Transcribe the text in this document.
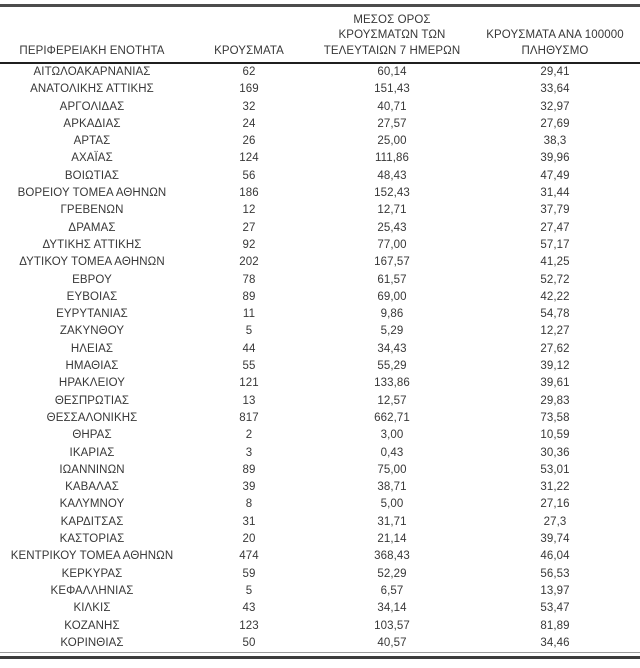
ΠΕΡΙΦΕΡΕΙΑΚΗ ΕΝΟΤΗΤΑ	ΚΡΟΥΣΜΑΤΑ	ΜΕΣΟΣ ΟΡΟΣ
ΚΡΟΥΣΜΑΤΩΝ ΤΩΝ
ΤΕΛΕΥΤΑΙΩΝ 7 ΗΜΕΡΩΝ	ΚΡΟΥΣΜΑΤΑ ΑΝΑ 100000
ΠΛΗΘΥΣΜΟ
ΑΙΤΩΛΟΑΚΑΡΝΑΝΙΑΣ	62	60,14	29,41
ΑΝΑΤΟΛΙΚΗΣ ΑΤΤΙΚΗΣ	169	151,43	33,64
ΑΡΓΟΛΙΔΑΣ	32	40,71	32,97
ΑΡΚΑΔΙΑΣ	24	27,57	27,69
ΑΡΤΑΣ	26	25,00	38,3
ΑΧΑΪΑΣ	124	111,86	39,96
ΒΟΙΩΤΙΑΣ	56	48,43	47,49
ΒΟΡΕΙΟΥ ΤΟΜΕΑ ΑΘΗΝΩΝ	186	152,43	31,44
ΓΡΕΒΕΝΩΝ	12	12,71	37,79
ΔΡΑΜΑΣ	27	25,43	27,47
ΔΥΤΙΚΗΣ ΑΤΤΙΚΗΣ	92	77,00	57,17
ΔΥΤΙΚΟΥ ΤΟΜΕΑ ΑΘΗΝΩΝ	202	167,57	41,25
ΕΒΡΟΥ	78	61,57	52,72
ΕΥΒΟΙΑΣ	89	69,00	42,22
ΕΥΡΥΤΑΝΙΑΣ	11	9,86	54,78
ΖΑΚΥΝΘΟΥ	5	5,29	12,27
ΗΛΕΙΑΣ	44	34,43	27,62
ΗΜΑΘΙΑΣ	55	55,29	39,12
ΗΡΑΚΛΕΙΟΥ	121	133,86	39,61
ΘΕΣΠΡΩΤΙΑΣ	13	12,57	29,83
ΘΕΣΣΑΛΟΝΙΚΗΣ	817	662,71	73,58
ΘΗΡΑΣ	2	3,00	10,59
ΙΚΑΡΙΑΣ	3	0,43	30,36
ΙΩΑΝΝΙΝΩΝ	89	75,00	53,01
ΚΑΒΑΛΑΣ	39	38,71	31,22
ΚΑΛΥΜΝΟΥ	8	5,00	27,16
ΚΑΡΔΙΤΣΑΣ	31	31,71	27,3
ΚΑΣΤΟΡΙΑΣ	20	21,14	39,74
ΚΕΝΤΡΙΚΟΥ ΤΟΜΕΑ ΑΘΗΝΩΝ	474	368,43	46,04
ΚΕΡΚΥΡΑΣ	59	52,29	56,53
ΚΕΦΑΛΛΗΝΙΑΣ	5	6,57	13,97
ΚΙΛΚΙΣ	43	34,14	53,47
ΚΟΖΑΝΗΣ	123	103,57	81,89
ΚΟΡΙΝΘΙΑΣ	50	40,57	34,46
